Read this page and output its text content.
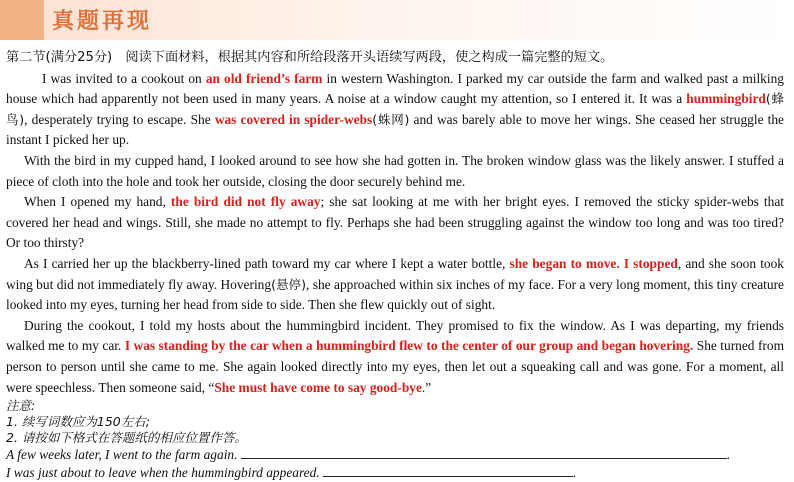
真题再现

第二节(满分25分)　阅读下面材料，根据其内容和所给段落开头语续写两段，使之构成一篇完整的短文。

I was invited to a cookout on an old friend’s farm in western Washington. I parked my car outside the farm and walked past a milking house which had apparently not been used in many years. A noise at a window caught my attention, so I entered it. It was a hummingbird(蜂鸟), desperately trying to escape. She was covered in spider-webs(蛛网) and was barely able to move her wings. She ceased her struggle the instant I picked her up.

With the bird in my cupped hand, I looked around to see how she had gotten in. The broken window glass was the likely answer. I stuffed a piece of cloth into the hole and took her outside, closing the door securely behind me.

When I opened my hand, the bird did not fly away; she sat looking at me with her bright eyes. I removed the sticky spider-webs that covered her head and wings. Still, she made no attempt to fly. Perhaps she had been struggling against the window too long and was too tired? Or too thirsty?

As I carried her up the blackberry-lined path toward my car where I kept a water bottle, she began to move. I stopped, and she soon took wing but did not immediately fly away. Hovering(悬停), she approached within six inches of my face. For a very long moment, this tiny creature looked into my eyes, turning her head from side to side. Then she flew quickly out of sight.

During the cookout, I told my hosts about the hummingbird incident. They promised to fix the window. As I was departing, my friends walked me to my car. I was standing by the car when a hummingbird flew to the center of our group and began hovering. She turned from person to person until she came to me. She again looked directly into my eyes, then let out a squeaking call and was gone. For a moment, all were speechless. Then someone said, “She must have come to say good-bye.”

注意:

1. 续写词数应为150左右;

2. 请按如下格式在答题纸的相应位置作答。

A few weeks later, I went to the farm again.	.

I was just about to leave when the hummingbird appeared.	.
